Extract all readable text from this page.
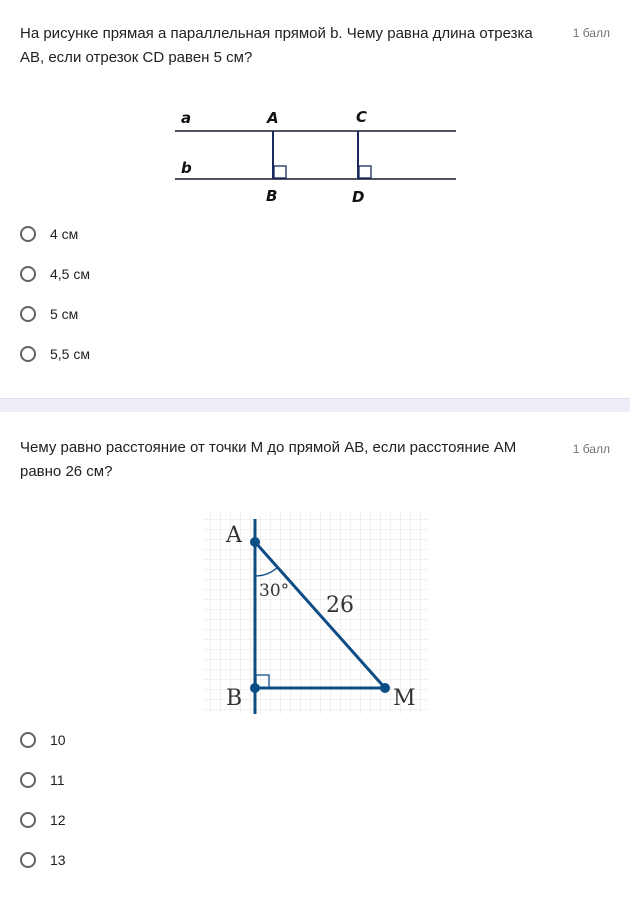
На рисунке прямая a параллельная прямой b. Чему равна длина отрезка AB, если отрезок CD равен 5 см?
1 балл
a
b
A	C
B	D
4 см
4,5 см
5 см
5,5 см
Чему равно расстояние от точки M до прямой AB, если расстояние AM равно 26 см?
1 балл
A
B	M
30°
26
10
11
12
13
